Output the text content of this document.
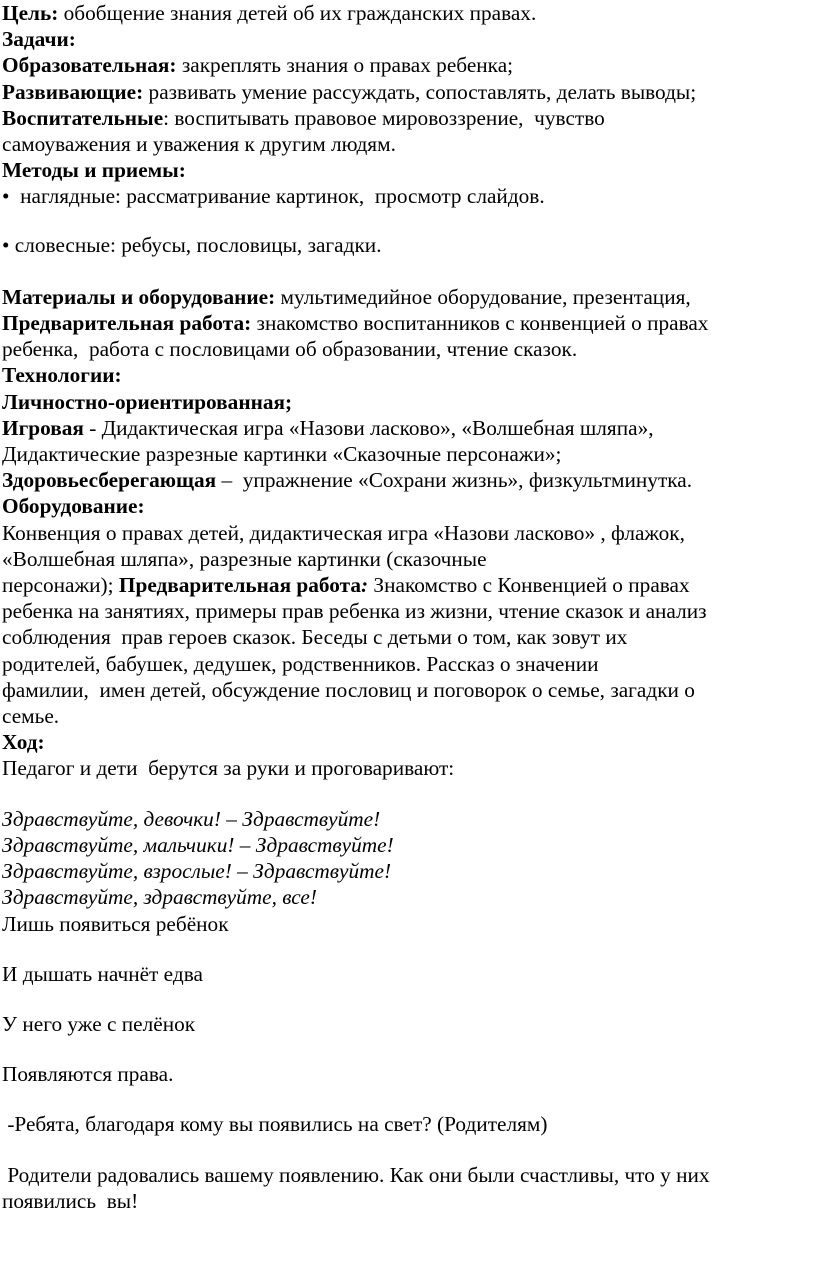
Цель: обобщение знания детей об их гражданских правах.

Задачи:

Образовательная: закреплять знания о правах ребенка;

Развивающие: развивать умение рассуждать, сопоставлять, делать выводы;

Воспитательные: воспитывать правовое мировоззрение,  чувство

самоуважения и уважения к другим людям.

Методы и приемы:

•  наглядные: рассматривание картинок,  просмотр слайдов.

• словесные: ребусы, пословицы, загадки.

Материалы и оборудование: мультимедийное оборудование, презентация,

Предварительная работа: знакомство воспитанников с конвенцией о правах

ребенка,  работа с пословицами об образовании, чтение сказок.

Технологии:

Личностно-ориентированная;

Игровая - Дидактическая игра «Назови ласково», «Волшебная шляпа»,

Дидактические разрезные картинки «Сказочные персонажи»;

Здоровьесберегающая –  упражнение «Сохрани жизнь», физкультминутка.

Оборудование:

Конвенция о правах детей, дидактическая игра «Назови ласково» , флажок,

«Волшебная шляпа», разрезные картинки (сказочные

персонажи); Предварительная работа: Знакомство с Конвенцией о правах

ребенка на занятиях, примеры прав ребенка из жизни, чтение сказок и анализ

соблюдения  прав героев сказок. Беседы с детьми о том, как зовут их

родителей, бабушек, дедушек, родственников. Рассказ о значении

фамилии,  имен детей, обсуждение пословиц и поговорок о семье, загадки о

семье.

Ход:

Педагог и дети  берутся за руки и проговаривают:

Здравствуйте, девочки! – Здравствуйте!

Здравствуйте, мальчики! – Здравствуйте!

Здравствуйте, взрослые! – Здравствуйте!

Здравствуйте, здравствуйте, все!

Лишь появиться ребёнок

И дышать начнёт едва

У него уже с пелёнок

Появляются права.

-Ребята, благодаря кому вы появились на свет? (Родителям)

Родители радовались вашему появлению. Как они были счастливы, что у них

появились  вы!
